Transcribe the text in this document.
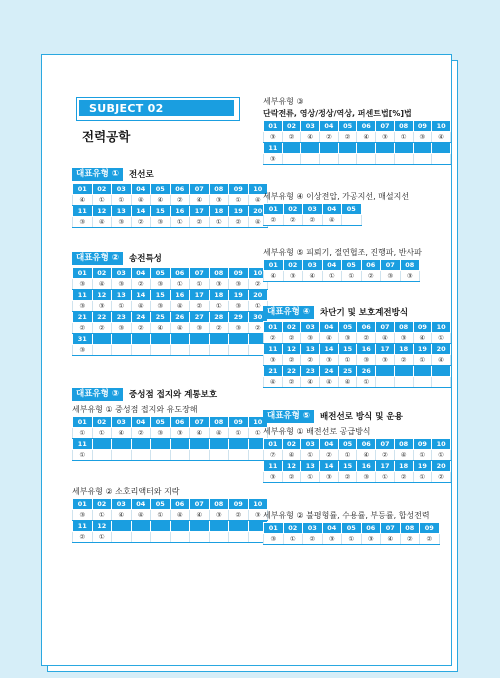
SUBJECT 02
전력공학
대표유형 ①	전선로
01	02	03	04	05	06	07	08	09	10
④	①	①	④	④	②	④	③	①	④
11	12	13	14	15	16	17	18	19	20
③	④	③	②	③	①	②	①	②	④
대표유형 ②	송전특성
01	02	03	04	05	06	07	08	09	10
③	④	③	②	③	①	①	③	③	②
11	12	13	14	15	16	17	18	19	20
③	③	①	④	③	④	②	①	③	①
21	22	23	24	25	26	27	28	29	30
②	②	③	②	④	④	③	②	③	②
31									
③									
대표유형 ③	중성점 접지와 계통보호
세부유형 ① 중성점 접지와 유도장해
01	02	03	04	05	06	07	08	09	10
①	①	④	②	③	③	④	④	①	①
11									
①									
세부유형 ② 소호리액터와 지락
01	02	03	04	05	06	07	08	09	10
③	①	④	④	①	④	④	③	②	③
11	12								
②	①								
세부유형 ③
단락전류, 영상/정상/역상, 퍼센트법[%]법
01	02	03	04	05	06	07	08	09	10
③	②	④	②	②	④	③	①	③	④
11									
③									
세부유형 ④ 이상전압, 가공지선, 매설지선
01	02	03	04	05
②	②	②	④	
세부유형 ⑤ 피뢰기, 절연협조, 진행파, 반사파
01	02	03	04	05	06	07	08
④	③	④	①	①	②	③	③
대표유형 ④	차단기 및 보호계전방식
01	02	03	04	05	06	07	08	09	10
②	②	③	④	③	②	④	③	④	①
11	12	13	14	15	16	17	18	19	20
③	②	②	③	①	③	③	②	①	④
21	22	23	24	25	26				
④	②	④	④	④	①				
대표유형 ⑤	배전선로 방식 및 운용
세부유형 ① 배전선로 공급방식
01	02	03	04	05	06	07	08	09	10
⑦	④	①	②	①	④	②	④	①	①
11	12	13	14	15	16	17	18	19	20
③	②	①	③	②	③	①	②	①	②
세부유형 ② 불평형률, 수용률, 부등률, 합성전력
01	02	03	04	05	06	07	08	09
③	①	②	③	①	③	④	②	②
